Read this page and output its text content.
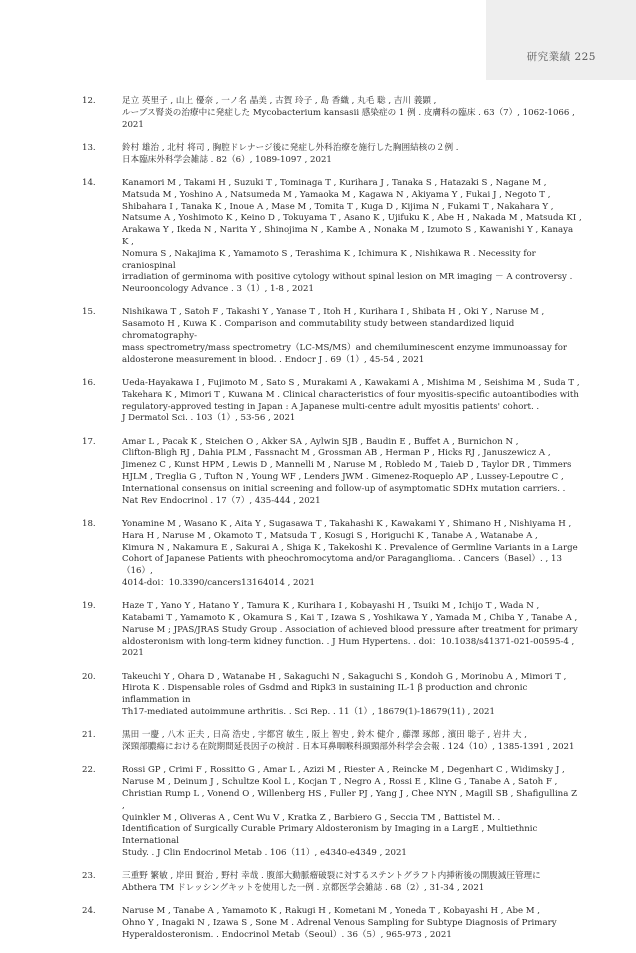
研究業績 225
12.	足立 英里子 , 山上 優奈 , 一ノ名 晶美 , 古賀 玲子 , 島 香織 , 丸毛 聡 , 吉川 義顕 ,
ルーブス腎炎の治療中に発症した Mycobacterium kansasii 感染症の 1 例 . 皮膚科の臨床 . 63（7）, 1062-1066 ,
2021
13.	鈴村 雄治 , 北村 将司 , 胸腔ドレナージ後に発症し外科治療を施行した胸囲結核の２例 .
日本臨床外科学会雑誌 . 82（6）, 1089-1097 , 2021
14.	Kanamori M , Takami H , Suzuki T , Tominaga T , Kurihara J , Tanaka S , Hatazaki S , Nagane M ,
Matsuda M , Yoshino A , Natsumeda M , Yamaoka M , Kagawa N , Akiyama Y , Fukai J , Negoto T ,
Shibahara I , Tanaka K , Inoue A , Mase M , Tomita T , Kuga D , Kijima N , Fukami T , Nakahara Y ,
Natsume A , Yoshimoto K , Keino D , Tokuyama T , Asano K , Ujifuku K , Abe H , Nakada M , Matsuda KI ,
Arakawa Y , Ikeda N , Narita Y , Shinojima N , Kambe A , Nonaka M , Izumoto S , Kawanishi Y , Kanaya K ,
Nomura S , Nakajima K , Yamamoto S , Terashima K , Ichimura K , Nishikawa R . Necessity for craniospinal
irradiation of germinoma with positive cytology without spinal lesion on MR imaging － A controversy .
Neurooncology Advance . 3（1）, 1-8 , 2021
15.	Nishikawa T , Satoh F , Takashi Y , Yanase T , Itoh H , Kurihara I , Shibata H , Oki Y , Naruse M ,
Sasamoto H , Kuwa K . Comparison and commutability study between standardized liquid chromatography-
mass spectrometry/mass spectrometry（LC-MS/MS）and chemiluminescent enzyme immunoassay for
aldosterone measurement in blood. . Endocr J . 69（1）, 45-54 , 2021
16.	Ueda-Hayakawa I , Fujimoto M , Sato S , Murakami A , Kawakami A , Mishima M , Seishima M , Suda T ,
Takehara K , Mimori T , Kuwana M . Clinical characteristics of four myositis-specific autoantibodies with
regulatory-approved testing in Japan : A Japanese multi-centre adult myositis patients' cohort. .
J Dermatol Sci. . 103（1）, 53-56 , 2021
17.	Amar L , Pacak K , Steichen O , Akker SA , Aylwin SJB , Baudin E , Buffet A , Burnichon N ,
Clifton-Bligh RJ , Dahia PLM , Fassnacht M , Grossman AB , Herman P , Hicks RJ , Januszewicz A ,
Jimenez C , Kunst HPM , Lewis D , Mannelli M , Naruse M , Robledo M , Taieb D , Taylor DR , Timmers
HJLM , Treglia G , Tufton N , Young WF , Lenders JWM . Gimenez-Roqueplo AP , Lussey-Lepoutre C ,
International consensus on initial screening and follow-up of asymptomatic SDHx mutation carriers. .
Nat Rev Endocrinol . 17（7）, 435-444 , 2021
18.	Yonamine M , Wasano K , Aita Y , Sugasawa T , Takahashi K , Kawakami Y , Shimano H , Nishiyama H ,
Hara H , Naruse M , Okamoto T , Matsuda T , Kosugi S , Horiguchi K , Tanabe A , Watanabe A ,
Kimura N , Nakamura E , Sakurai A , Shiga K , Takekoshi K . Prevalence of Germline Variants in a Large
Cohort of Japanese Patients with pheochromocytoma and/or Paraganglioma. . Cancers（Basel）. , 13（16）,
4014-doi：10.3390/cancers13164014 , 2021
19.	Haze T , Yano Y , Hatano Y , Tamura K , Kurihara I , Kobayashi H , Tsuiki M , Ichijo T , Wada N ,
Katabami T , Yamamoto K , Okamura S , Kai T , Izawa S , Yoshikawa Y , Yamada M , Chiba Y , Tanabe A ,
Naruse M ; JPAS/JRAS Study Group . Association of achieved blood pressure after treatment for primary
aldosteronism with long-term kidney function. . J Hum Hypertens. . doi：10.1038/s41371-021-00595-4 , 2021
20.	Takeuchi Y , Ohara D , Watanabe H , Sakaguchi N , Sakaguchi S , Kondoh G , Morinobu A , Mimori T ,
Hirota K . Dispensable roles of Gsdmd and Ripk3 in sustaining IL-1 β production and chronic inflammation in
Th17-mediated autoimmune arthritis. . Sci Rep. . 11（1）, 18679(1)-18679(11) , 2021
21.	黒田 一慶 , 八木 正夫 , 日高 浩史 , 宇都宮 敏生 , 阪上 智史 , 鈴木 健介 , 藤澤 琢郎 , 濱田 聡子 , 岩井 大 ,
深頸部膿瘍における在院期間延長因子の検討 . 日本耳鼻咽喉科頭頸部外科学会会報 . 124（10）, 1385-1391 , 2021
22.	Rossi GP , Crimi F , Rossitto G , Amar L , Azizi M , Riester A , Reincke M , Degenhart C , Widimsky J ,
Naruse M , Deinum J , Schultze Kool L , Kocjan T , Negro A , Rossi E , Kline G , Tanabe A , Satoh F ,
Christian Rump L , Vonend O , Willenberg HS , Fuller PJ , Yang J , Chee NYN , Magill SB , Shafigullina Z ,
Quinkler M , Oliveras A , Cent Wu V , Kratka Z , Barbiero G , Seccia TM , Battistel M. .
Identification of Surgically Curable Primary Aldosteronism by Imaging in a LargE , Multiethnic International
Study. . J Clin Endocrinol Metab . 106（11）, e4340-e4349 , 2021
23.	三重野 繁敏 , 岸田 賢治 , 野村 幸哉 . 腹部大動脈瘤破裂に対するステントグラフト内挿術後の開腹減圧管理に
Abthera TM ドレッシングキットを使用した一例 . 京都医学会雑誌 . 68（2）, 31-34 , 2021
24.	Naruse M , Tanabe A , Yamamoto K , Rakugi H , Kometani M , Yoneda T , Kobayashi H , Abe M ,
Ohno Y , Inagaki N , Izawa S , Sone M . Adrenal Venous Sampling for Subtype Diagnosis of Primary
Hyperaldosteronism. . Endocrinol Metab（Seoul）. 36（5）, 965-973 , 2021
